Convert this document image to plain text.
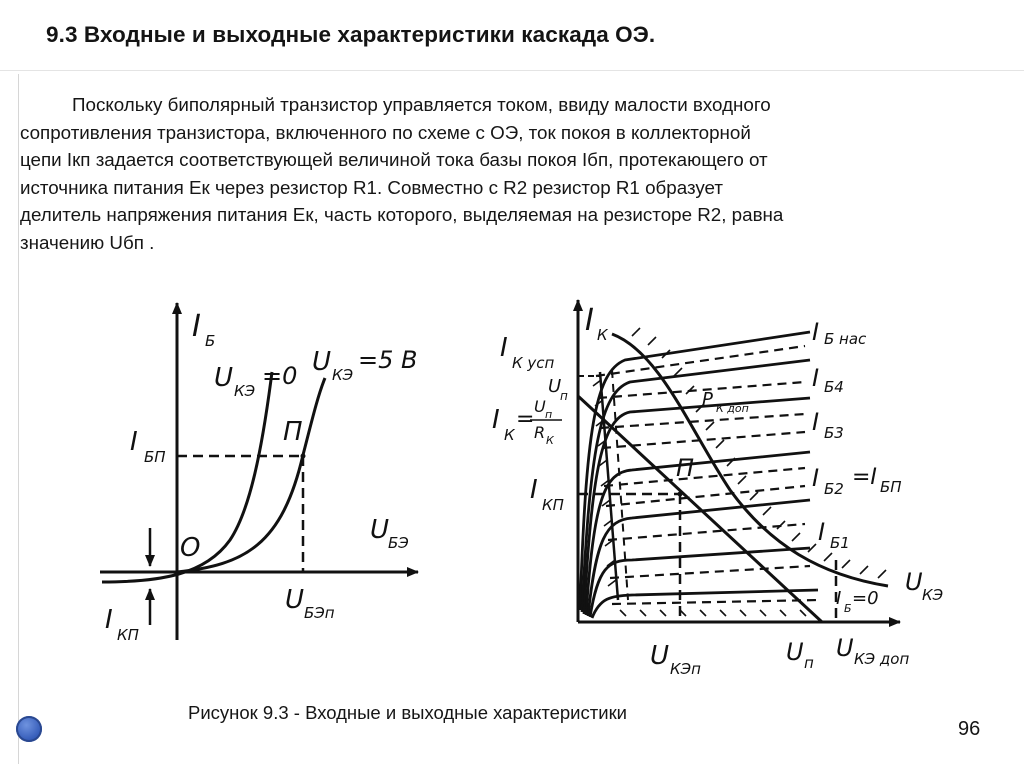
9.3 Входные и выходные характеристики каскада ОЭ.
Поскольку биполярный транзистор управляется током, ввиду малости входного
сопротивления транзистора, включенного по схеме с ОЭ, ток покоя в коллекторной
цепи Iкп задается соответствующей величиной тока базы покоя Iбп, протекающего от
источника питания Ек через резистор R1. Совместно с R2 резистор R1 образует
делитель напряжения питания Ек, часть которого, выделяемая на резисторе R2, равна
значению Uбп .
I Б
U КЭ
=0 U КЭ
=5 В
I БП
П
О
U
БЭ
U БЭп
I КП
I К
I К усп
U
п
I К
=
U п
R К
I КП
П
P К доп
I Б нас
I Б4
I Б3
I Б2 =I БП
I Б1
I Б =0
U КЭ
U КЭп
U п
U КЭ доп
Рисунок 9.3 - Входные и выходные характеристики
96
